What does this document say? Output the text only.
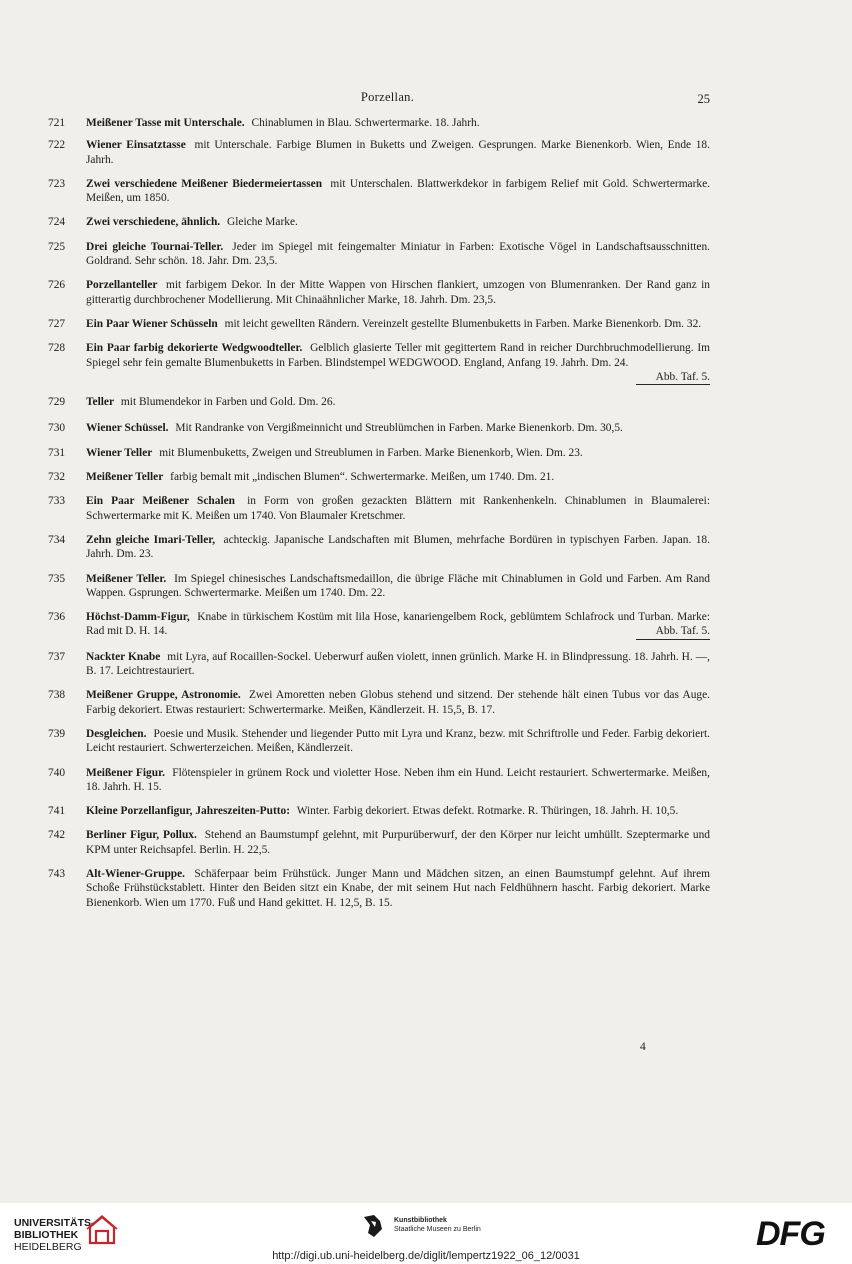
Porzellan.	25
721	Meißener Tasse mit Unterschale. Chinablumen in Blau. Schwertermarke. 18. Jahrh.
722	Wiener Einsatztasse mit Unterschale. Farbige Blumen in Buketts und Zweigen. Gesprungen. Marke Bienenkorb. Wien, Ende 18. Jahrh.
723	Zwei verschiedene Meißener Biedermeiertassen mit Unterschalen. Blattwerkdekor in farbigem Relief mit Gold. Schwertermarke. Meißen, um 1850.
724	Zwei verschiedene, ähnlich. Gleiche Marke.
725	Drei gleiche Tournai-Teller. Jeder im Spiegel mit feingemalter Miniatur in Farben: Exotische Vögel in Landschaftsausschnitten. Goldrand. Sehr schön. 18. Jahr. Dm. 23,5.
726	Porzellanteller mit farbigem Dekor. In der Mitte Wappen von Hirschen flankiert, umzogen von Blumenranken. Der Rand ganz in gitterartig durchbrochener Modellierung. Mit Chinaähnlicher Marke, 18. Jahrh. Dm. 23,5.
727	Ein Paar Wiener Schüsseln mit leicht gewellten Rändern. Vereinzelt gestellte Blumenbuketts in Farben. Marke Bienenkorb. Dm. 32.
728	Ein Paar farbig dekorierte Wedgwoodteller. Gelblich glasierte Teller mit gegittertem Rand in reicher Durchbruchmodellierung. Im Spiegel sehr fein gemalte Blumenbuketts in Farben. Blindstempel WEDGWOOD. England, Anfang 19. Jahrh. Dm. 24.
Abb. Taf. 5.
729	Teller mit Blumendekor in Farben und Gold. Dm. 26.
730	Wiener Schüssel. Mit Randranke von Vergißmeinnicht und Streublümchen in Farben. Marke Bienenkorb. Dm. 30,5.
731	Wiener Teller mit Blumenbuketts, Zweigen und Streublumen in Farben. Marke Bienenkorb, Wien. Dm. 23.
732	Meißener Teller farbig bemalt mit „indischen Blumen“. Schwertermarke. Meißen, um 1740. Dm. 21.
733	Ein Paar Meißener Schalen in Form von großen gezackten Blättern mit Rankenhenkeln. Chinablumen in Blaumalerei: Schwertermarke mit K. Meißen um 1740. Von Blaumaler Kretschmer.
734	Zehn gleiche Imari-Teller, achteckig. Japanische Landschaften mit Blumen, mehrfache Bordüren in typischyen Farben. Japan. 18. Jahrh. Dm. 23.
735	Meißener Teller. Im Spiegel chinesisches Landschaftsmedaillon, die übrige Fläche mit Chinablumen in Gold und Farben. Am Rand Wappen. Gsprungen. Schwertermarke. Meißen um 1740. Dm. 22.
736	Höchst-Damm-Figur, Knabe in türkischem Kostüm mit lila Hose, kanariengelbem Rock, geblümtem Schlafrock und Turban. Marke: Rad mit D. H. 14.	Abb. Taf. 5.
737	Nackter Knabe mit Lyra, auf Rocaillen-Sockel. Ueberwurf außen violett, innen grünlich. Marke H. in Blindpressung. 18. Jahrh. H. —, B. 17. Leichtrestauriert.
738	Meißener Gruppe, Astronomie. Zwei Amoretten neben Globus stehend und sitzend. Der stehende hält einen Tubus vor das Auge. Farbig dekoriert. Etwas restauriert: Schwertermarke. Meißen, Kändlerzeit. H. 15,5, B. 17.
739	Desgleichen. Poesie und Musik. Stehender und liegender Putto mit Lyra und Kranz, bezw. mit Schriftrolle und Feder. Farbig dekoriert. Leicht restauriert. Schwerterzeichen. Meißen, Kändlerzeit.
740	Meißener Figur. Flötenspieler in grünem Rock und violetter Hose. Neben ihm ein Hund. Leicht restauriert. Schwertermarke. Meißen, 18. Jahrh. H. 15.
741	Kleine Porzellanfigur, Jahreszeiten-Putto: Winter. Farbig dekoriert. Etwas defekt. Rotmarke. R. Thüringen, 18. Jahrh. H. 10,5.
742	Berliner Figur, Pollux. Stehend an Baumstumpf gelehnt, mit Purpurüberwurf, der den Körper nur leicht umhüllt. Szeptermarke und KPM unter Reichsapfel. Berlin. H. 22,5.
743	Alt-Wiener-Gruppe. Schäferpaar beim Frühstück. Junger Mann und Mädchen sitzen, an einen Baumstumpf gelehnt. Auf ihrem Schoße Frühstückstablett. Hinter den Beiden sitzt ein Knabe, der mit seinem Hut nach Feldhühnern hascht. Farbig dekoriert. Marke Bienenkorb. Wien um 1770. Fuß und Hand gekittet. H. 12,5, B. 15.
4
UNIVERSITÄTS-
BIBLIOTHEK
HEIDELBERG
Kunstbibliothek
Staatliche Museen zu Berlin	DFG
http://digi.ub.uni-heidelberg.de/diglit/lempertz1922_06_12/0031
